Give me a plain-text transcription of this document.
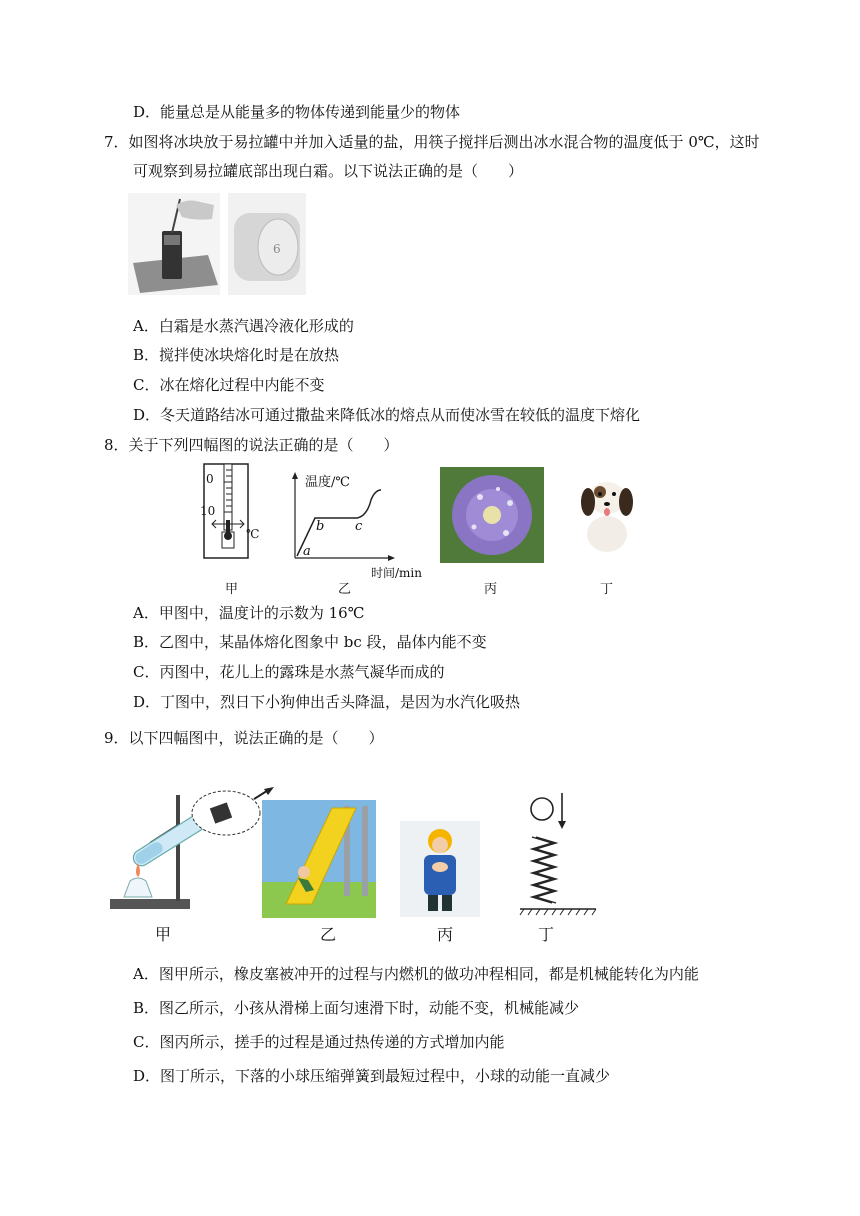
D．能量总是从能量多的物体传递到能量少的物体
7．如图将冰块放于易拉罐中并加入适量的盐，用筷子搅拌后测出冰水混合物的温度低于 0℃，这时
可观察到易拉罐底部出现白霜。以下说法正确的是（　　）
6
A．白霜是水蒸汽遇冷液化形成的
B．搅拌使冰块熔化时是在放热
C．冰在熔化过程中内能不变
D．冬天道路结冰可通过撒盐来降低冰的熔点从而使冰雪在较低的温度下熔化
8．关于下列四幅图的说法正确的是（　　）
0
10
℃
温度/℃
时间/min
a
b c
甲	乙	丙	丁
A．甲图中，温度计的示数为 16℃
B．乙图中，某晶体熔化图象中 bc 段，晶体内能不变
C．丙图中，花儿上的露珠是水蒸气凝华而成的
D．丁图中，烈日下小狗伸出舌头降温，是因为水汽化吸热
9．以下四幅图中，说法正确的是（　　）
甲	乙	丙	丁
A．图甲所示，橡皮塞被冲开的过程与内燃机的做功冲程相同，都是机械能转化为内能
B．图乙所示，小孩从滑梯上面匀速滑下时，动能不变，机械能减少
C．图丙所示，搓手的过程是通过热传递的方式增加内能
D．图丁所示，下落的小球压缩弹簧到最短过程中，小球的动能一直减少
